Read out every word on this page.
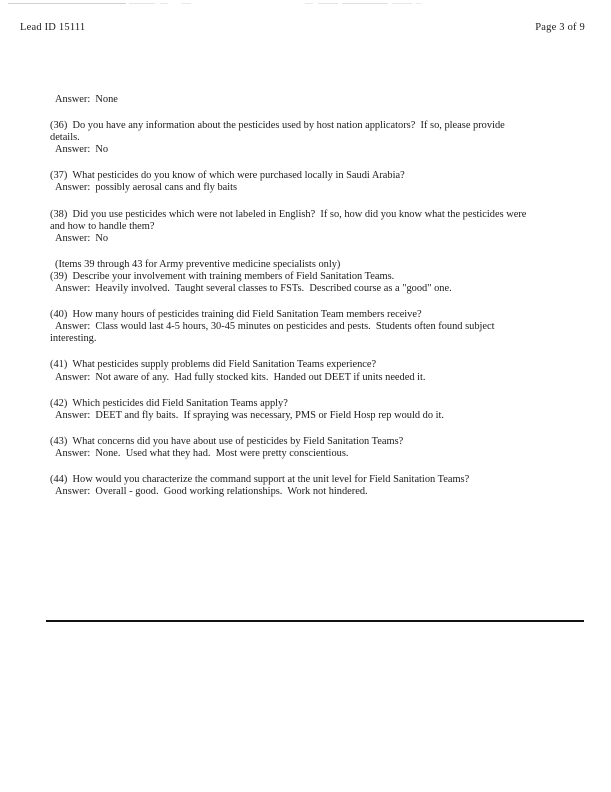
Lead ID 15111	Page 3 of 9

Answer:  None

(36)  Do you have any information about the pesticides used by host nation applicators?  If so, please provide

details.

Answer:  No

(37)  What pesticides do you know of which were purchased locally in Saudi Arabia?

Answer:  possibly aerosal cans and fly baits

(38)  Did you use pesticides which were not labeled in English?  If so, how did you know what the pesticides were

and how to handle them?

Answer:  No

(Items 39 through 43 for Army preventive medicine specialists only)

(39)  Describe your involvement with training members of Field Sanitation Teams.

Answer:  Heavily involved.  Taught several classes to FSTs.  Described course as a "good" one.

(40)  How many hours of pesticides training did Field Sanitation Team members receive?

Answer:  Class would last 4-5 hours, 30-45 minutes on pesticides and pests.  Students often found subject

interesting.

(41)  What pesticides supply problems did Field Sanitation Teams experience?

Answer:  Not aware of any.  Had fully stocked kits.  Handed out DEET if units needed it.

(42)  Which pesticides did Field Sanitation Teams apply?

Answer:  DEET and fly baits.  If spraying was necessary, PMS or Field Hosp rep would do it.

(43)  What concerns did you have about use of pesticides by Field Sanitation Teams?

Answer:  None.  Used what they had.  Most were pretty conscientious.

(44)  How would you characterize the command support at the unit level for Field Sanitation Teams?

Answer:  Overall - good.  Good working relationships.  Work not hindered.
